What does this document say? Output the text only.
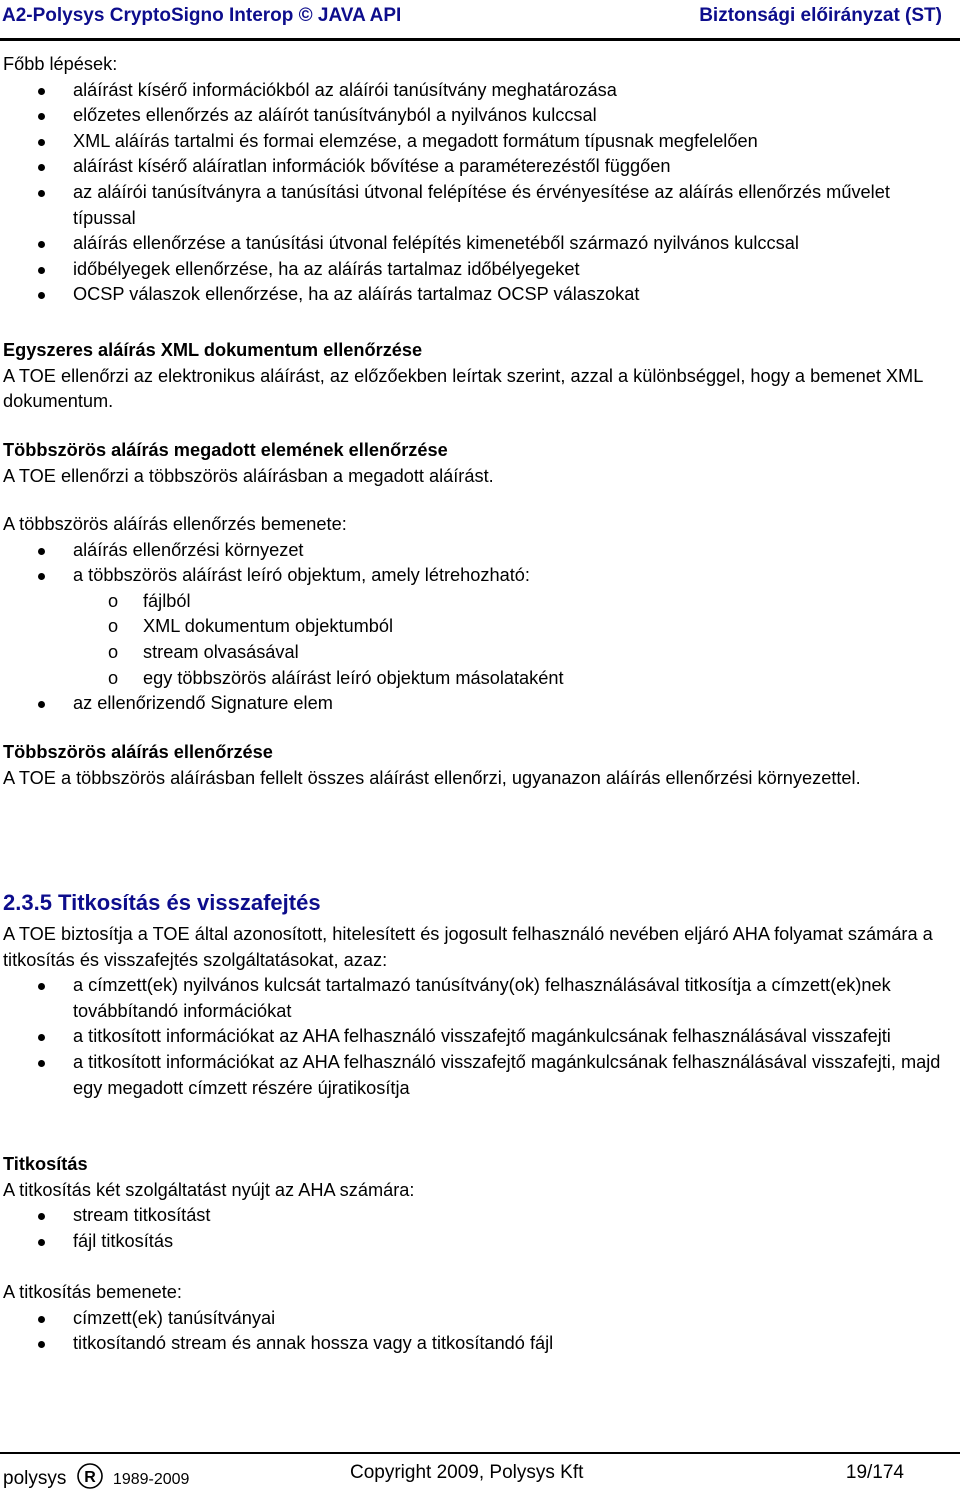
A2-Polysys CryptoSigno Interop © JAVA API	Biztonsági előirányzat (ST)
Főbb lépések:
aláírást kísérő információkból az aláírói tanúsítvány meghatározása
előzetes ellenőrzés az aláírót tanúsítványból a nyilvános kulccsal
XML aláírás tartalmi és formai elemzése, a megadott formátum típusnak megfelelően
aláírást kísérő aláíratlan információk bővítése a paraméterezéstől függően
az aláírói tanúsítványra a tanúsítási útvonal felépítése és érvényesítése az aláírás ellenőrzés művelet típussal
aláírás ellenőrzése a tanúsítási útvonal felépítés kimenetéből származó nyilvános kulccsal
időbélyegek ellenőrzése, ha az aláírás tartalmaz időbélyegeket
OCSP válaszok ellenőrzése, ha az aláírás tartalmaz OCSP válaszokat
Egyszeres aláírás XML dokumentum ellenőrzése
A TOE ellenőrzi az elektronikus aláírást, az előzőekben leírtak szerint, azzal a különbséggel, hogy a bemenet XML dokumentum.
Többszörös aláírás megadott elemének ellenőrzése
A TOE ellenőrzi a többszörös aláírásban a megadott aláírást.
A többszörös aláírás ellenőrzés bemenete:
aláírás ellenőrzési környezet
a többszörös aláírást leíró objektum, amely létrehozható:
o fájlból
o XML dokumentum objektumból
o stream olvasásával
o egy többszörös aláírást leíró objektum másolataként
az ellenőrizendő Signature elem
Többszörös aláírás ellenőrzése
A TOE a többszörös aláírásban fellelt összes aláírást ellenőrzi, ugyanazon aláírás ellenőrzési környezettel.
2.3.5 Titkosítás és visszafejtés
A TOE biztosítja a TOE által azonosított, hitelesített és jogosult felhasználó nevében eljáró AHA folyamat számára a titkosítás és visszafejtés szolgáltatásokat, azaz:
a címzett(ek) nyilvános kulcsát tartalmazó tanúsítvány(ok) felhasználásával titkosítja a címzett(ek)nek továbbítandó információkat
a titkosított információkat az AHA felhasználó visszafejtő magánkulcsának felhasználásával visszafejti
a titkosított információkat az AHA felhasználó visszafejtő magánkulcsának felhasználásával visszafejti, majd egy megadott címzett részére újratikosítja
Titkosítás
A titkosítás két szolgáltatást nyújt az AHA számára:
stream titkosítást
fájl titkosítás
A titkosítás bemenete:
címzett(ek) tanúsítványai
titkosítandó stream és annak hossza vagy a titkosítandó fájl
polysys R 1989-2009	Copyright 2009, Polysys Kft	19/174
